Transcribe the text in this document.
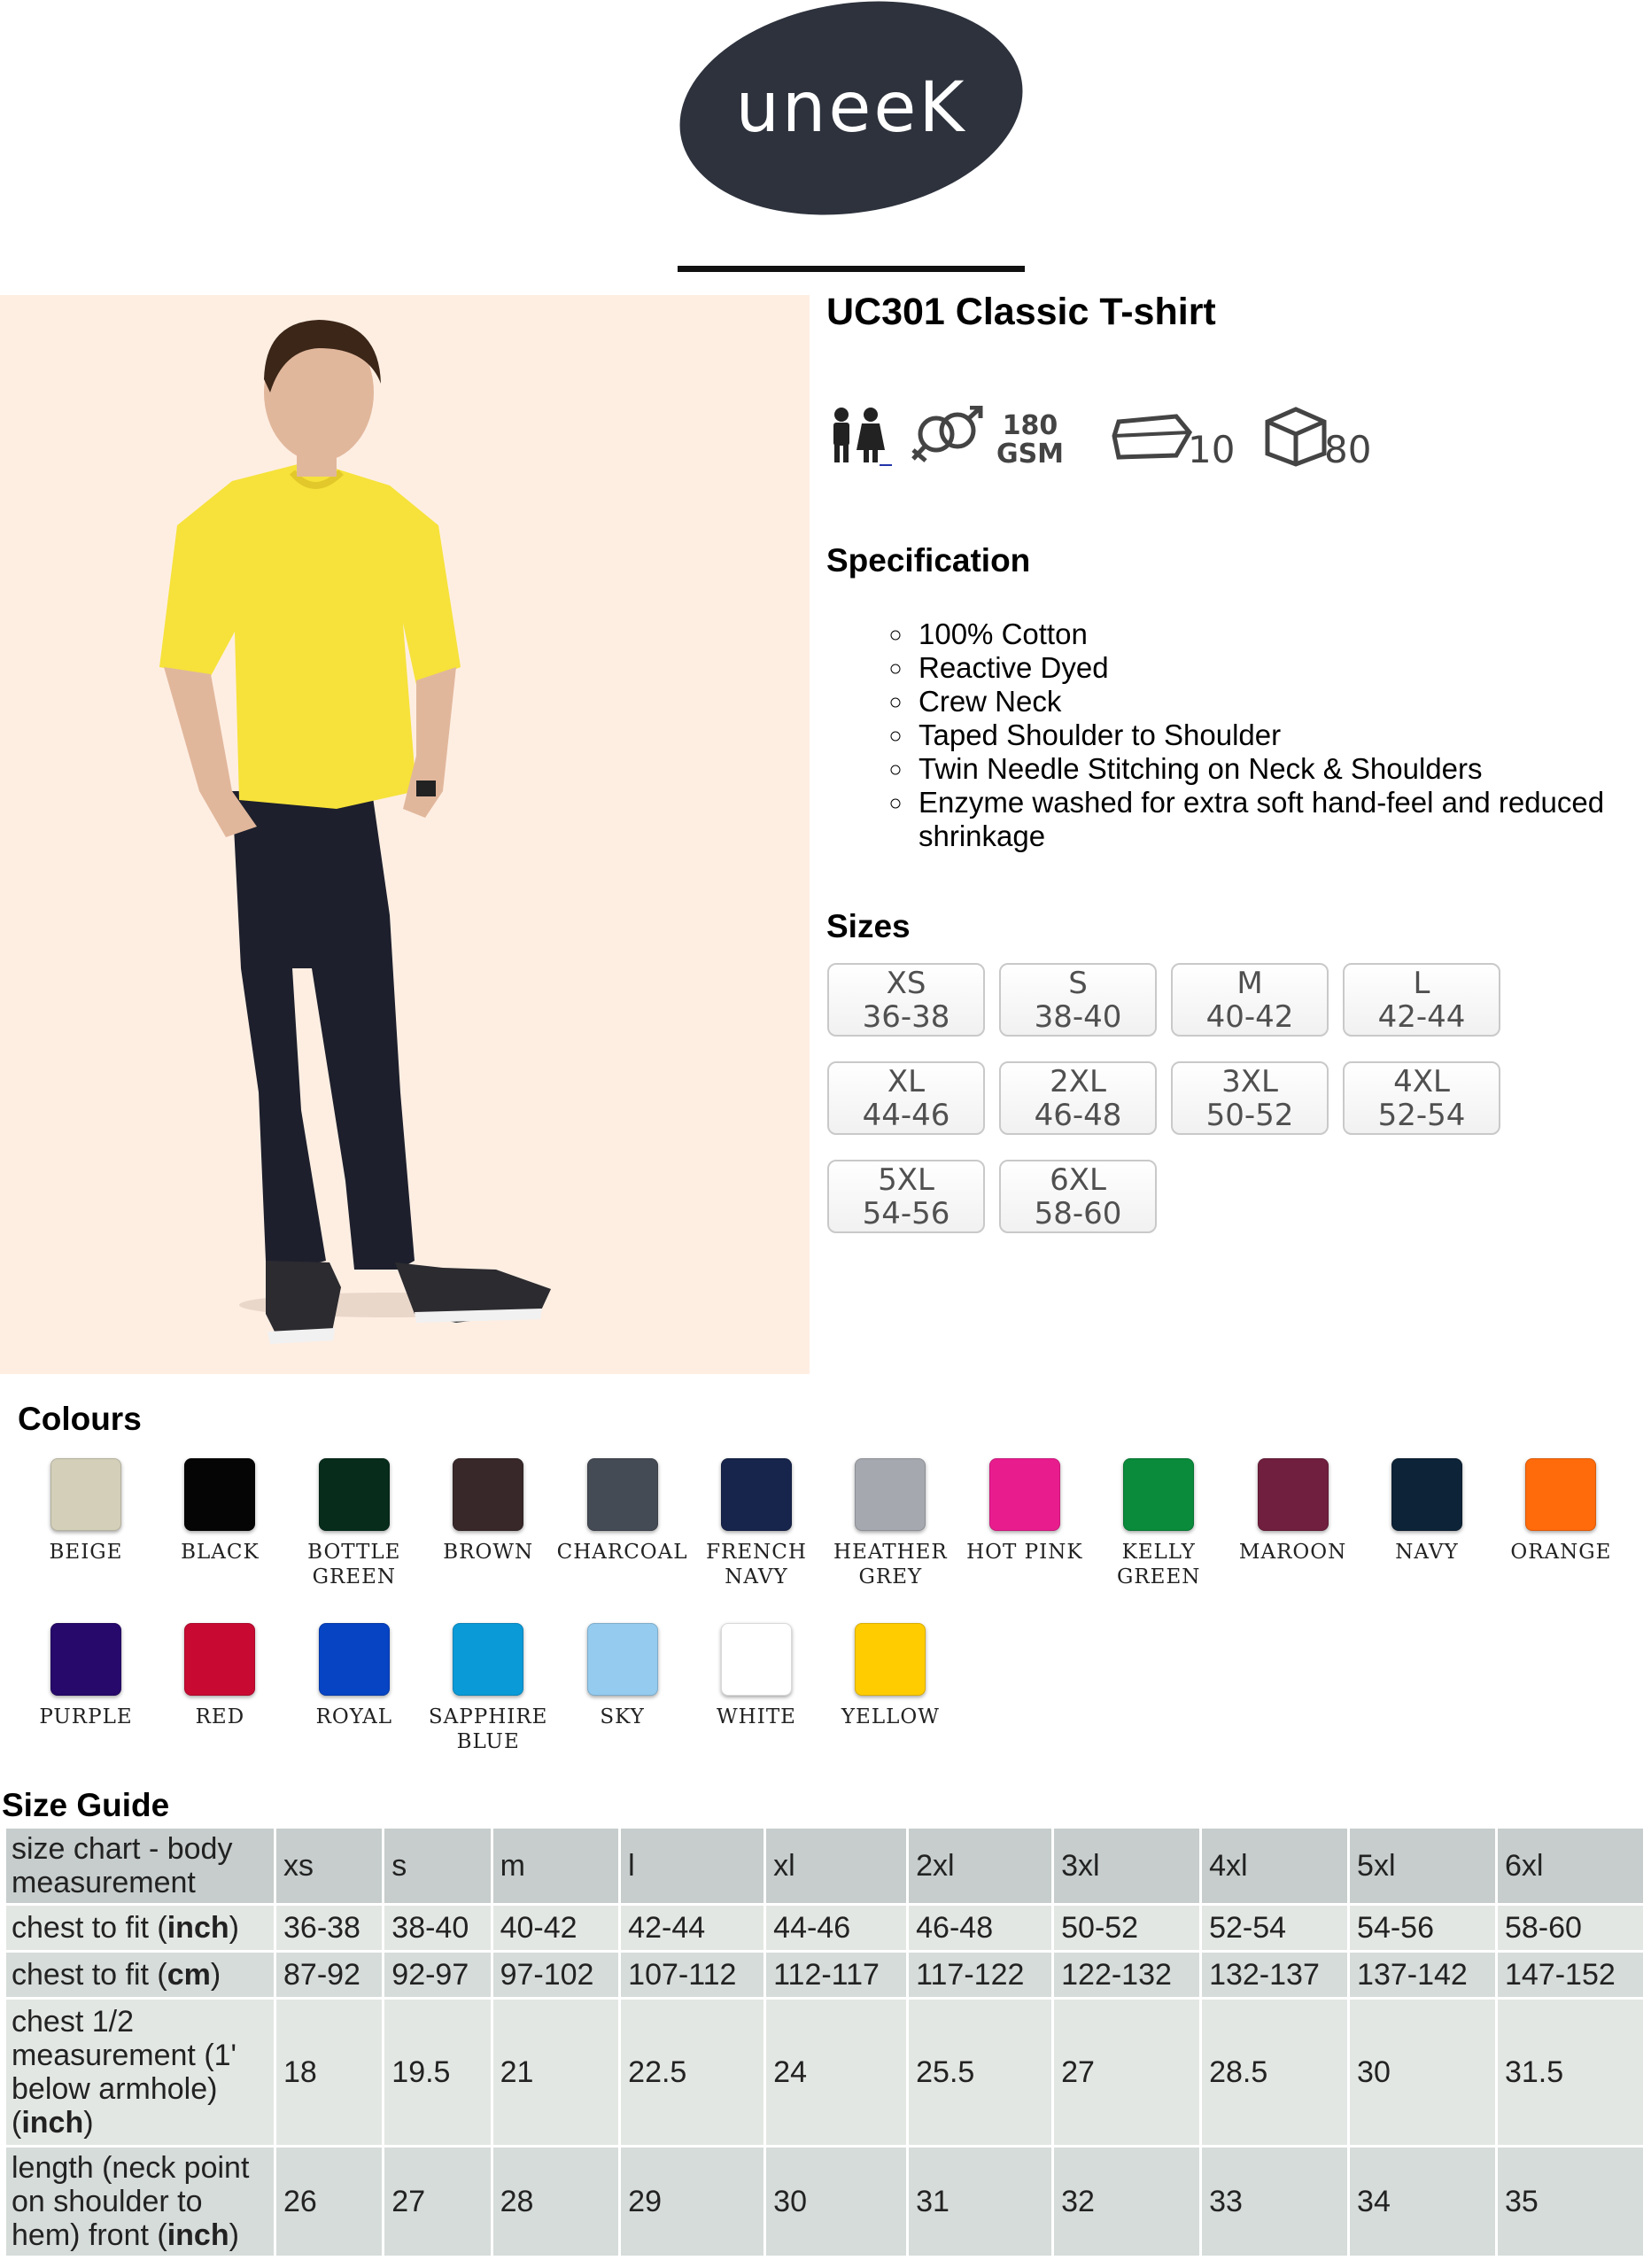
uneeK
UC301 Classic T-shirt
180
GSM	10 80
Specification
◦ 100% Cotton
◦ Reactive Dyed
◦ Crew Neck
◦ Taped Shoulder to Shoulder
◦ Twin Needle Stitching on Neck & Shoulders
◦ Enzyme washed for extra soft hand-feel and reduced shrinkage
Sizes
XS
36-38
S
38-40
M
40-42
L
42-44
XL
44-46
2XL
46-48
3XL
50-52
4XL
52-54
5XL
54-56
6XL
58-60
Colours
BEIGE	BLACK	BOTTLE GREEN
BROWN	CHARCOAL FRENCH NAVY
HEATHER GREY
HOT PINK	KELLY GREEN
MAROON	NAVY	ORANGE
PURPLE	RED	ROYAL	SAPPHIRE BLUE
SKY	WHITE	YELLOW
Size Guide
size chart - body measurement	xs	s	m	l	xl	2xl	3xl	4xl	5xl	6xl
chest to fit (inch)	36-38	38-40	40-42	42-44	44-46	46-48	50-52	52-54	54-56	58-60
chest to fit (cm)	87-92	92-97	97-102	107-112	112-117	117-122	122-132	132-137	137-142	147-152
chest 1/2 measurement (1' below armhole) (inch)	18	19.5	21	22.5	24	25.5	27	28.5	30	31.5
length (neck point on shoulder to hem) front (inch)	26	27	28	29	30	31	32	33	34	35
